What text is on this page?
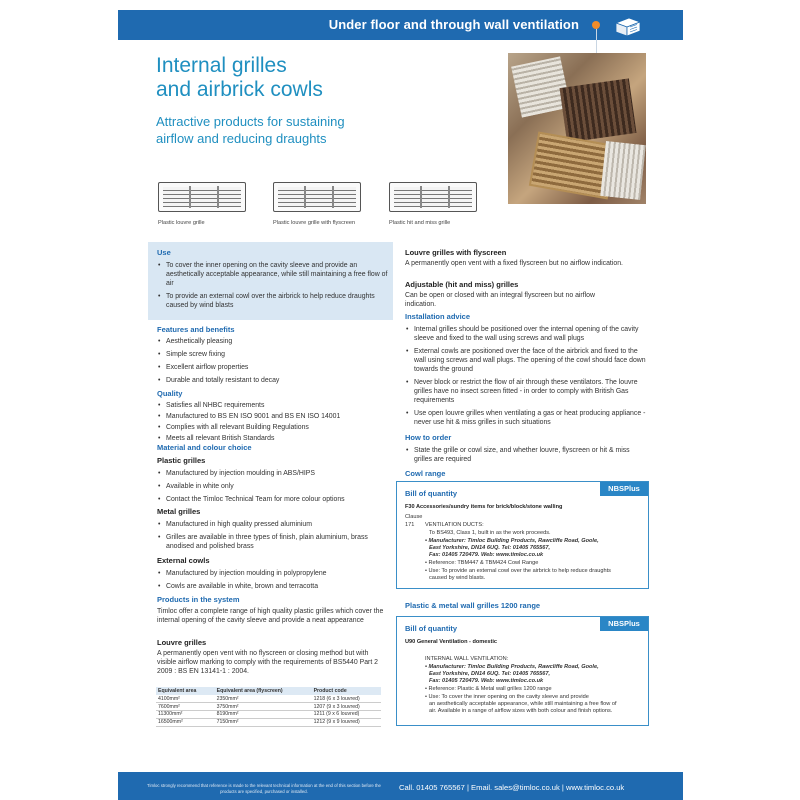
Under floor and through wall ventilation
Internal grilles
and airbrick cowls
Attractive products for sustaining
airflow and reducing draughts
Plastic louvre grille	Plastic louvre grille with flyscreen	Plastic hit and miss grille
Use
• To cover the inner opening on the cavity sleeve and provide an aesthetically acceptable appearance, while still maintaining a free flow of air
• To provide an external cowl over the airbrick to help reduce draughts caused by wind blasts
Features and benefits
• Aesthetically pleasing
• Simple screw fixing
• Excellent airflow properties
• Durable and totally resistant to decay
Quality
• Satisfies all NHBC requirements
• Manufactured to BS EN ISO 9001 and BS EN ISO 14001
• Complies with all relevant Building Regulations
• Meets all relevant British Standards
Material and colour choice
Plastic grilles
• Manufactured by injection moulding in ABS/HIPS
• Available in white only
• Contact the Timloc Technical Team for more colour options
Metal grilles
• Manufactured in high quality pressed aluminium
• Grilles are available in three types of finish, plain aluminium, brass anodised and polished brass
External cowls
• Manufactured by injection moulding in polypropylene
• Cowls are available in white, brown and terracotta
Products in the system
Timloc offer a complete range of high quality plastic grilles which cover the internal opening of the cavity sleeve and provide a neat appearance
Louvre grilles
A permanently open vent with no flyscreen or closing method but with visible airflow marking to comply with the requirements of BS5440 Part 2 2009 : BS EN 13141-1 : 2004.
Equivalent area	Equivalent area (flyscreen)	Product code
4100mm²	2350mm²	1218 (6 x 3 louvred)
7600mm²	3750mm²	1207 (9 x 3 louvred)
11300mm²	8190mm²	1211 (9 x 6 louvred)
16500mm²	7150mm²	1212 (9 x 9 louvred)
Louvre grilles with flyscreen
A permanently open vent with a fixed flyscreen but no airflow indication.
Adjustable (hit and miss) grilles
Can be open or closed with an integral flyscreen but no airflow indication.
Installation advice
• Internal grilles should be positioned over the internal opening of the cavity sleeve and fixed to the wall using screws and wall plugs
• External cowls are positioned over the face of the airbrick and fixed to the wall using screws and wall plugs. The opening of the cowl should face down towards the ground
• Never block or restrict the flow of air through these ventilators. The louvre grilles have no insect screen fitted - in order to comply with British Gas requirements
• Use open louvre grilles when ventilating a gas or heat producing appliance - never use hit & miss grilles in such situations
How to order
• State the grille or cowl size, and whether louvre, flyscreen or hit & miss grilles are required
Cowl range
NBSPlus
Bill of quantity
F30 Accessories/sundry items for brick/block/stone walling
Clause
171 VENTILATION DUCTS:
To BS493, Class 1, built in as the work proceeds.
• Manufacturer: Timloc Building Products, Rawcliffe Road, Goole,
East Yorkshire, DN14 6UQ. Tel: 01405 765567,
Fax: 01405 720479. Web: www.timloc.co.uk
• Reference: TBM447 & TBM424 Cowl Range
• Use: To provide an external cowl over the airbrick to help reduce draughts
caused by wind blasts.
Plastic & metal wall grilles 1200 range
NBSPlus
Bill of quantity
U90 General Ventilation - domestic
INTERNAL WALL VENTILATION:
• Manufacturer: Timloc Building Products, Rawcliffe Road, Goole,
East Yorkshire, DN14 6UQ. Tel: 01405 765567,
Fax: 01405 720479. Web: www.timloc.co.uk
• Reference: Plastic & Metal wall grilles 1200 range
• Use: To cover the inner opening on the cavity sleeve and provide
an aesthetically acceptable appearance, while still maintaining a free flow of
air. Available in a range of airflow sizes with both colour and finish options.
Timloc strongly recommend that reference is made to the relevant technical information at the end of this section before the products are specified, purchased or installed.	Call. 01405 765567 | Email. sales@timloc.co.uk | www.timloc.co.uk
